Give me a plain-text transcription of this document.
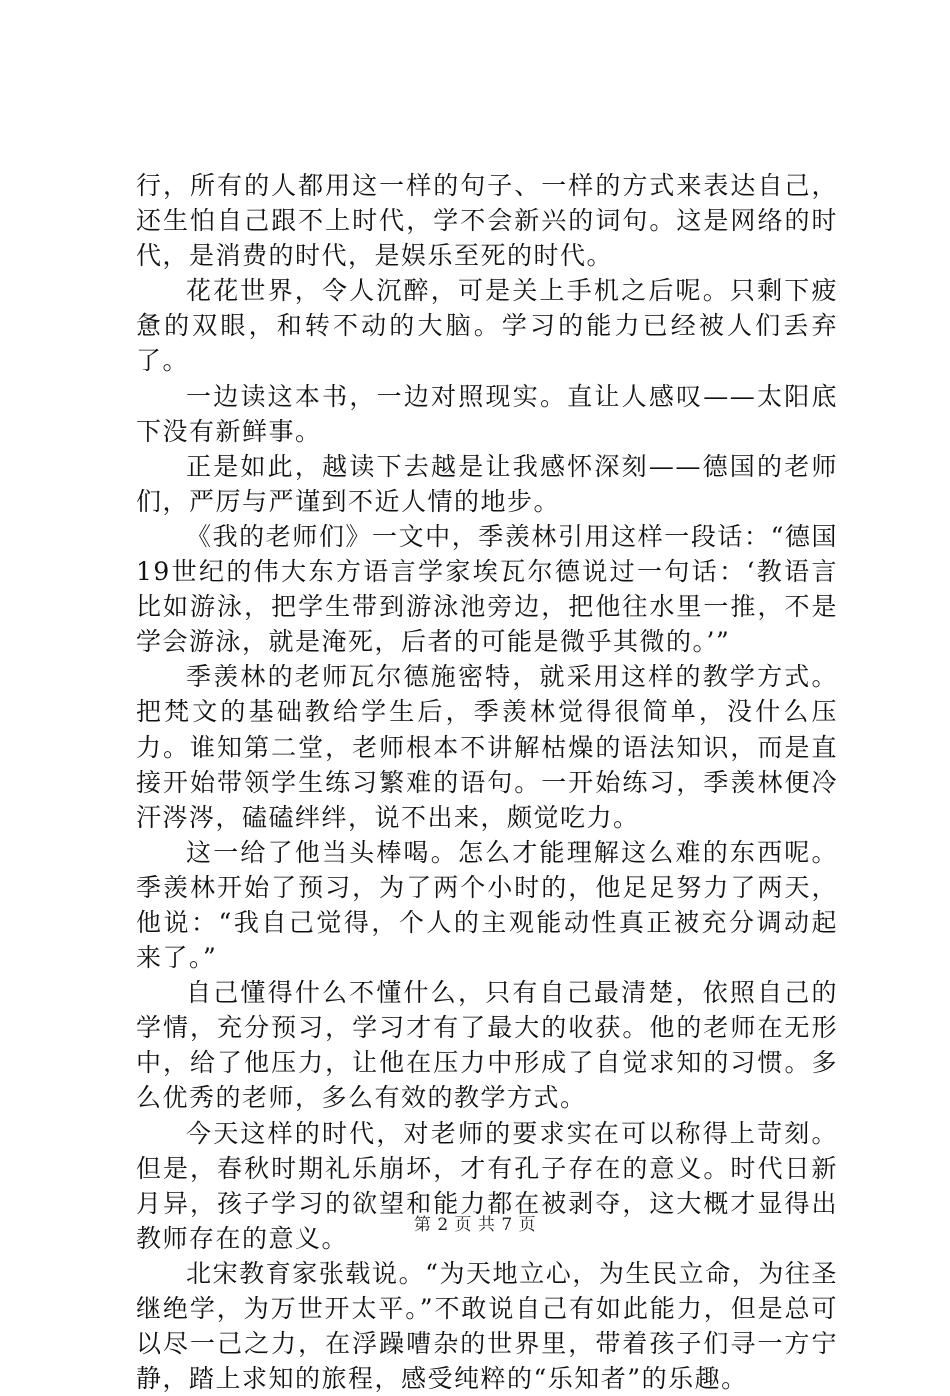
行，所有的人都用这一样的句子、一样的方式来表达自己，还生怕自己跟不上时代，学不会新兴的词句。这是网络的时代，是消费的时代，是娱乐至死的时代。

花花世界，令人沉醉，可是关上手机之后呢。只剩下疲惫的双眼，和转不动的大脑。学习的能力已经被人们丢弃了。

一边读这本书，一边对照现实。直让人感叹——太阳底下没有新鲜事。

正是如此，越读下去越是让我感怀深刻——德国的老师们，严厉与严谨到不近人情的地步。

《我的老师们》一文中，季羡林引用这样一段话：“德国19世纪的伟大东方语言学家埃瓦尔德说过一句话：‘教语言比如游泳，把学生带到游泳池旁边，把他往水里一推，不是学会游泳，就是淹死，后者的可能是微乎其微的。’”

季羡林的老师瓦尔德施密特，就采用这样的教学方式。把梵文的基础教给学生后，季羡林觉得很简单，没什么压力。谁知第二堂，老师根本不讲解枯燥的语法知识，而是直接开始带领学生练习繁难的语句。一开始练习，季羡林便冷汗涔涔，磕磕绊绊，说不出来，颇觉吃力。

这一给了他当头棒喝。怎么才能理解这么难的东西呢。季羡林开始了预习，为了两个小时的，他足足努力了两天，他说：“我自己觉得，个人的主观能动性真正被充分调动起来了。”

自己懂得什么不懂什么，只有自己最清楚，依照自己的学情，充分预习，学习才有了最大的收获。他的老师在无形中，给了他压力，让他在压力中形成了自觉求知的习惯。多么优秀的老师，多么有效的教学方式。

今天这样的时代，对老师的要求实在可以称得上苛刻。但是，春秋时期礼乐崩坏，才有孔子存在的意义。时代日新月异，孩子学习的欲望和能力都在被剥夺，这大概才显得出教师存在的意义。

北宋教育家张载说。“为天地立心，为生民立命，为往圣继绝学，为万世开太平。”不敢说自己有如此能力，但是总可以尽一己之力，在浮躁嘈杂的世界里，带着孩子们寻一方宁静，踏上求知的旅程，感受纯粹的“乐知者”的乐趣。

第 2 页 共 7 页
